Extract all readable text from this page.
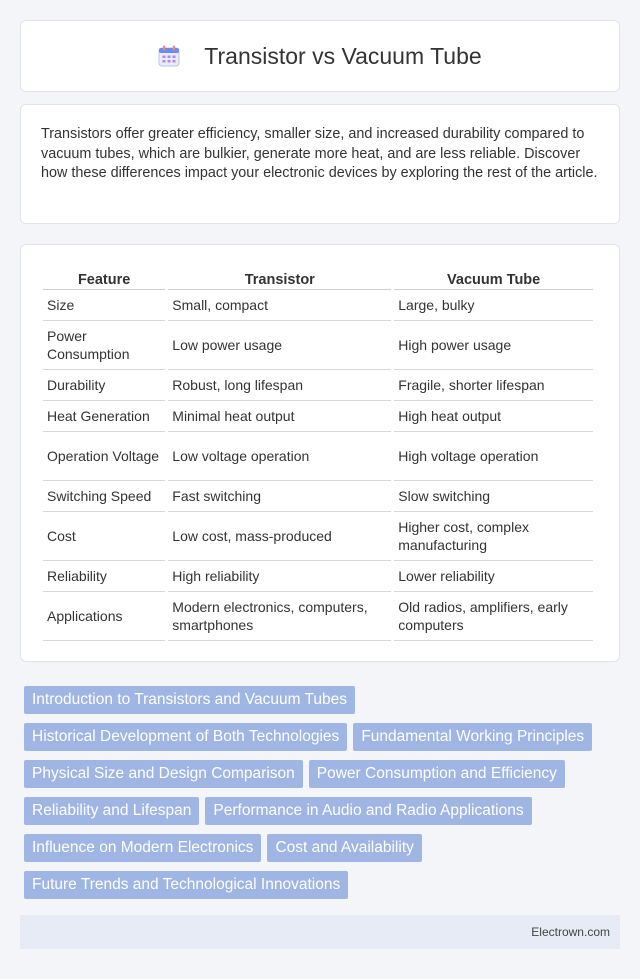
Transistor vs Vacuum Tube

Transistors offer greater efficiency, smaller size, and increased durability compared to vacuum tubes, which are bulkier, generate more heat, and are less reliable. Discover how these differences impact your electronic devices by exploring the rest of the article.

Feature	Transistor	Vacuum Tube
Size	Small, compact	Large, bulky
Power Consumption	Low power usage	High power usage
Durability	Robust, long lifespan	Fragile, shorter lifespan
Heat Generation	Minimal heat output	High heat output
Operation Voltage	Low voltage operation	High voltage operation
Switching Speed	Fast switching	Slow switching
Cost	Low cost, mass-produced	Higher cost, complex manufacturing
Reliability	High reliability	Lower reliability
Applications	Modern electronics, computers, smartphones	Old radios, amplifiers, early computers
Introduction to Transistors and Vacuum Tubes
Historical Development of Both Technologies	Fundamental Working Principles
Physical Size and Design Comparison	Power Consumption and Efficiency
Reliability and Lifespan	Performance in Audio and Radio Applications
Influence on Modern Electronics	Cost and Availability
Future Trends and Technological Innovations
Electrown.com
